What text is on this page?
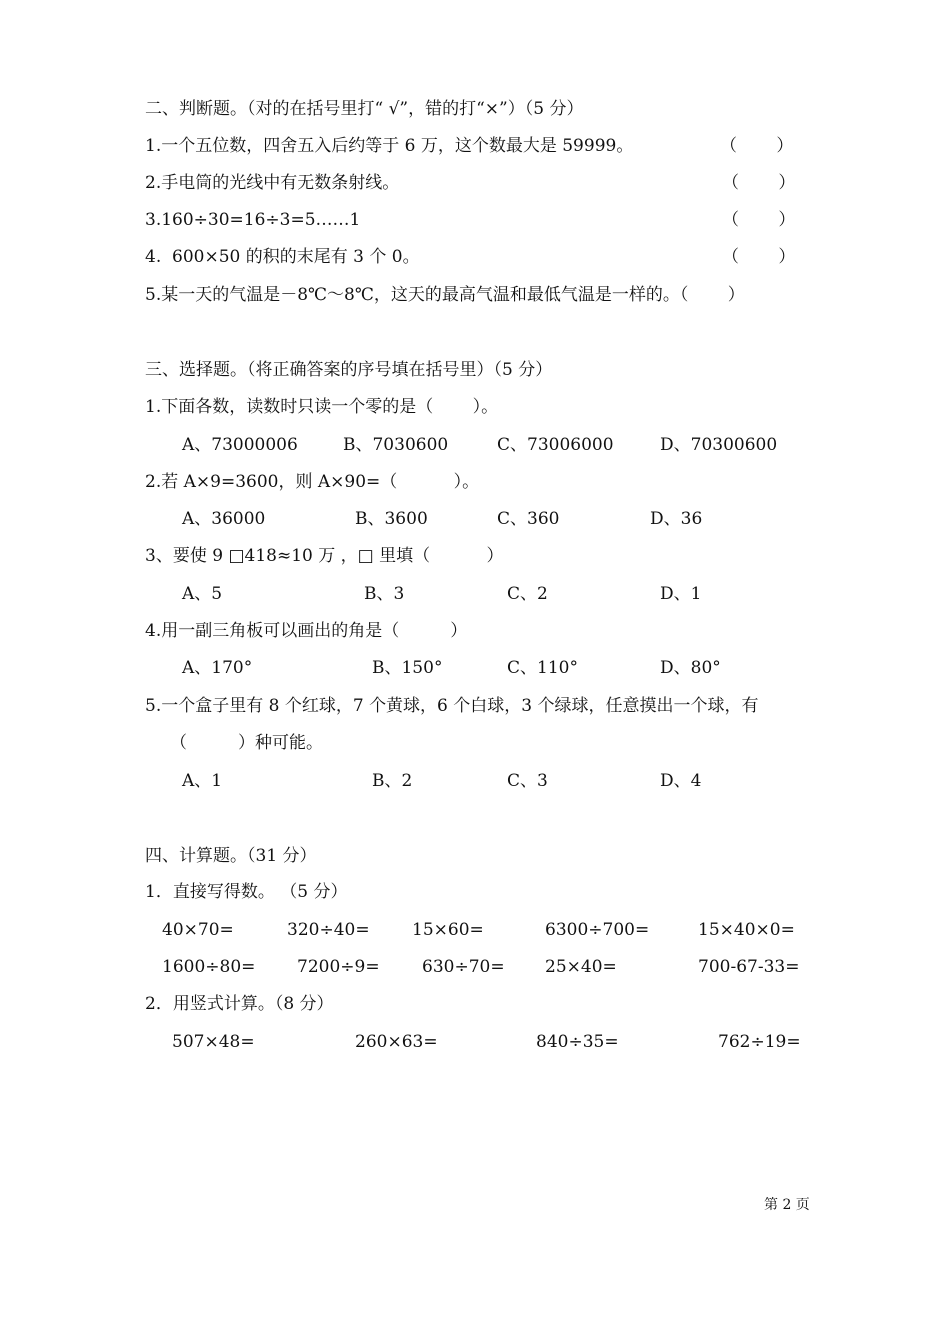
二、判断题。（对的在括号里打“ √”，错的打“×”）（5 分）
1.一个五位数，四舍五入后约等于 6 万，这个数最大是 59999。	（　　 ）
2.手电筒的光线中有无数条射线。	（　　 ）
3.160÷30=16÷3=5……1	（　　 ）
4.  600×50 的积的末尾有 3 个 0。	（　　 ）
5.某一天的气温是－8℃～8℃，这天的最高气温和最低气温是一样的。（　　 ）
三、选择题。（将正确答案的序号填在括号里）（5 分）
1.下面各数，读数时只读一个零的是（　　 ）。
A、73000006	B、7030600	C、73006000	D、70300600
2.若 A×9=3600，则 A×90=（　　　 ）。
A、36000	B、3600	C、360	D、36
3、要使 9 □418≈10 万 ，□ 里填（　　　 ）
A、5	B、3	C、2	D、1
4.用一副三角板可以画出的角是（　　　）
A、170°	B、150°	C、110°	D、80°
5.一个盒子里有 8 个红球，7 个黄球，6 个白球，3 个绿球，任意摸出一个球，有
（　　　）种可能。
A、1	B、2	C、3	D、4
四、计算题。（31 分）
1．直接写得数。 （5 分）
40×70=	320÷40= 15×60=	6300÷700=	15×40×0=
1600÷80= 7200÷9= 630÷70= 25×40=	700-67-33=
2．用竖式计算。（8 分）
507×48=	260×63=	840÷35=	762÷19=
第 2 页
